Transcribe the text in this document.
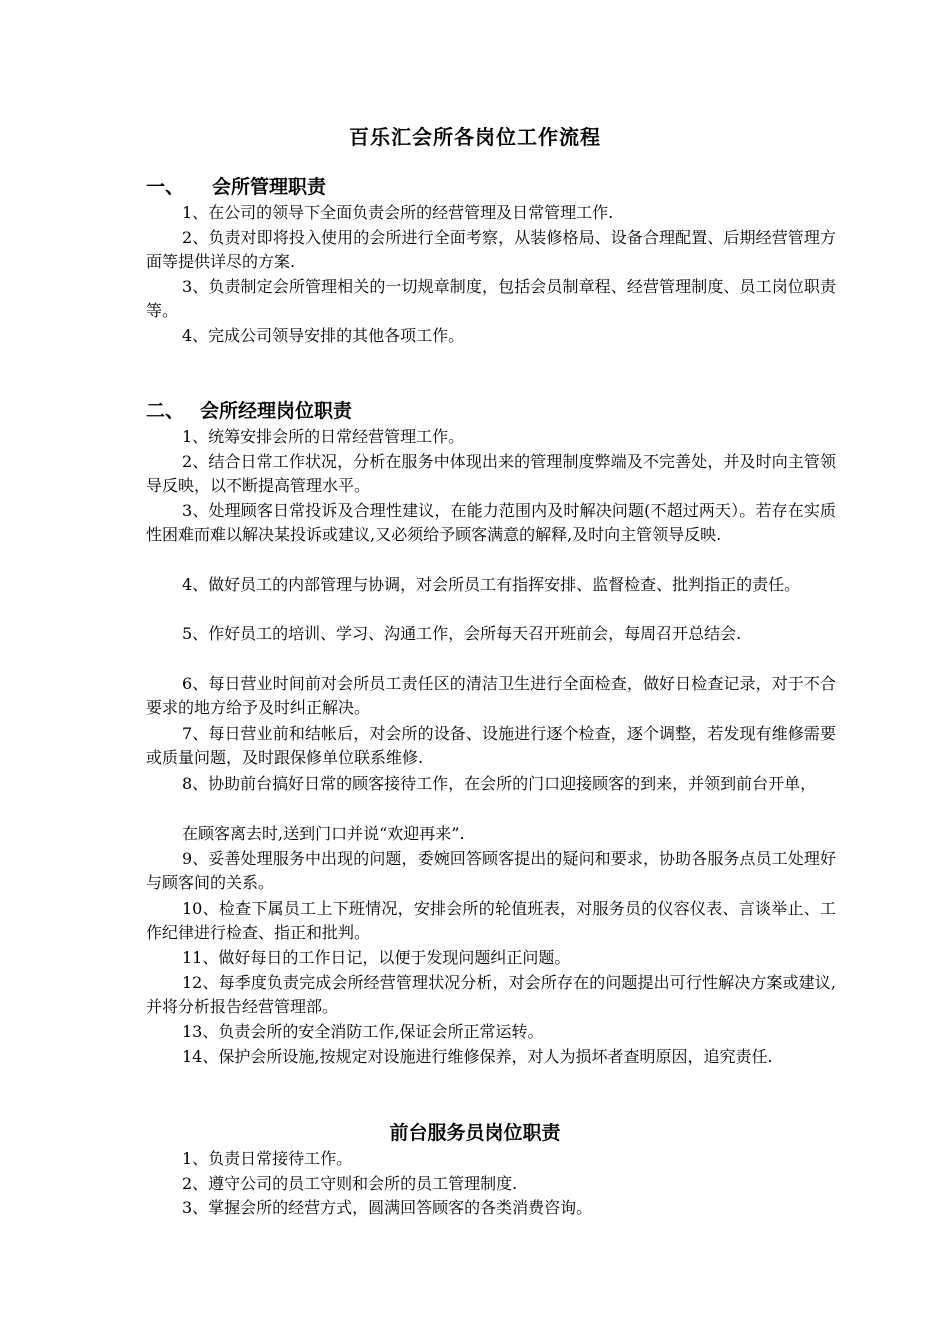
百乐汇会所各岗位工作流程
一、 会所管理职责

1、在公司的领导下全面负责会所的经营管理及日常管理工作.

2、负责对即将投入使用的会所进行全面考察，从装修格局、设备合理配置、后期经营管理方面等提供详尽的方案.

3、负责制定会所管理相关的一切规章制度，包括会员制章程、经营管理制度、员工岗位职责等。

4、完成公司领导安排的其他各项工作。

二、 会所经理岗位职责

1、统筹安排会所的日常经营管理工作。

2、结合日常工作状况，分析在服务中体现出来的管理制度弊端及不完善处，并及时向主管领导反映，以不断提高管理水平。

3、处理顾客日常投诉及合理性建议，在能力范围内及时解决问题(不超过两天）。若存在实质性困难而难以解决某投诉或建议,又必须给予顾客满意的解释,及时向主管领导反映.

4、做好员工的内部管理与协调，对会所员工有指挥安排、监督检查、批判指正的责任。

5、作好员工的培训、学习、沟通工作，会所每天召开班前会，每周召开总结会.

6、每日营业时间前对会所员工责任区的清洁卫生进行全面检查，做好日检查记录，对于不合要求的地方给予及时纠正解决。

7、每日营业前和结帐后，对会所的设备、设施进行逐个检查，逐个调整，若发现有维修需要或质量问题，及时跟保修单位联系维修.

8、协助前台搞好日常的顾客接待工作，在会所的门口迎接顾客的到来，并领到前台开单，

在顾客离去时,送到门口并说“欢迎再来”.

9、妥善处理服务中出现的问题，委婉回答顾客提出的疑问和要求，协助各服务点员工处理好与顾客间的关系。

10、检查下属员工上下班情况，安排会所的轮值班表，对服务员的仪容仪表、言谈举止、工作纪律进行检查、指正和批判。

11、做好每日的工作日记，以便于发现问题纠正问题。

12、每季度负责完成会所经营管理状况分析，对会所存在的问题提出可行性解决方案或建议,并将分析报告经营管理部。

13、负责会所的安全消防工作,保证会所正常运转。

14、保护会所设施,按规定对设施进行维修保养，对人为损坏者查明原因，追究责任.

前台服务员岗位职责

1、负责日常接待工作。

2、遵守公司的员工守则和会所的员工管理制度.

3、掌握会所的经营方式，圆满回答顾客的各类消费咨询。
